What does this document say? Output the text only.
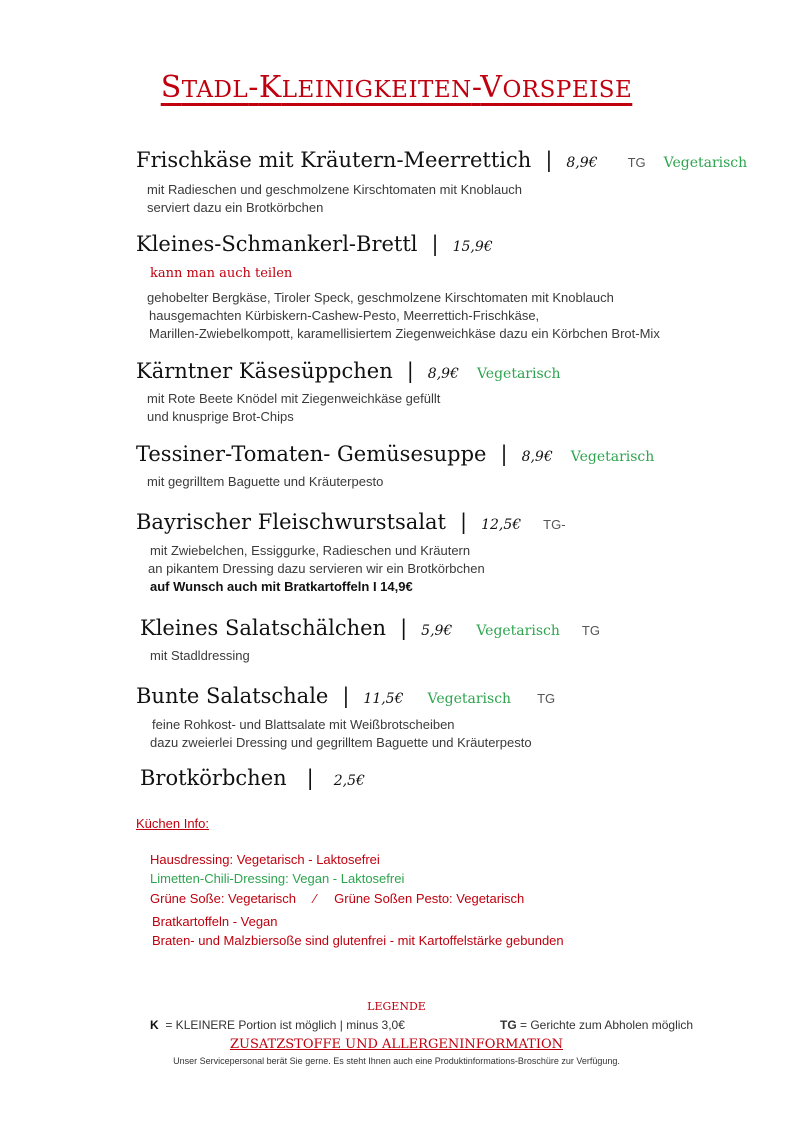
STADL-KLEINIGKEITEN-VORSPEISE
Frischkäse mit Kräutern-Meerrettich | 8,9€ TG Vegetarisch
mit Radieschen und geschmolzene Kirschtomaten mit Knoblauch
serviert dazu ein Brotkörbchen
Kleines-Schmankerl-Brettl | 15,9€
kann man auch teilen
gehobelter Bergkäse, Tiroler Speck, geschmolzene Kirschtomaten mit Knoblauch
hausgemachten Kürbiskern-Cashew-Pesto, Meerrettich-Frischkäse,
Marillen-Zwiebelkompott, karamellisiertem Ziegenweichkäse dazu ein Körbchen Brot-Mix
Kärntner Käsesüppchen | 8,9€ Vegetarisch
mit Rote Beete Knödel mit Ziegenweichkäse gefüllt
und knusprige Brot-Chips
Tessiner-Tomaten- Gemüsesuppe | 8,9€ Vegetarisch
mit gegrilltem Baguette und Kräuterpesto
Bayrischer Fleischwurstsalat | 12,5€ TG-
mit Zwiebelchen, Essiggurke, Radieschen und Kräutern
an pikantem Dressing dazu servieren wir ein Brotkörbchen
auf Wunsch auch mit Bratkartoffeln I 14,9€
Kleines Salatschälchen | 5,9€ Vegetarisch TG
mit Stadldressing
Bunte Salatschale | 11,5€ Vegetarisch TG
feine Rohkost- und Blattsalate mit Weißbrotscheiben
dazu zweierlei Dressing und gegrilltem Baguette und Kräuterpesto
Brotkörbchen | 2,5€
Küchen Info:
Hausdressing: Vegetarisch - Laktosefrei
Limetten-Chili-Dressing: Vegan - Laktosefrei
Grüne Soße: Vegetarisch ⁄ Grüne Soßen Pesto: Vegetarisch
Bratkartoffeln - Vegan
Braten- und Malzbiersoße sind glutenfrei - mit Kartoffelstärke gebunden
LEGENDE
K = KLEINERE Portion ist möglich | minus 3,0€	TG = Gerichte zum Abholen möglich
ZUSATZSTOFFE UND ALLERGENINFORMATION
Unser Servicepersonal berät Sie gerne. Es steht Ihnen auch eine Produktinformations-Broschüre zur Verfügung.
